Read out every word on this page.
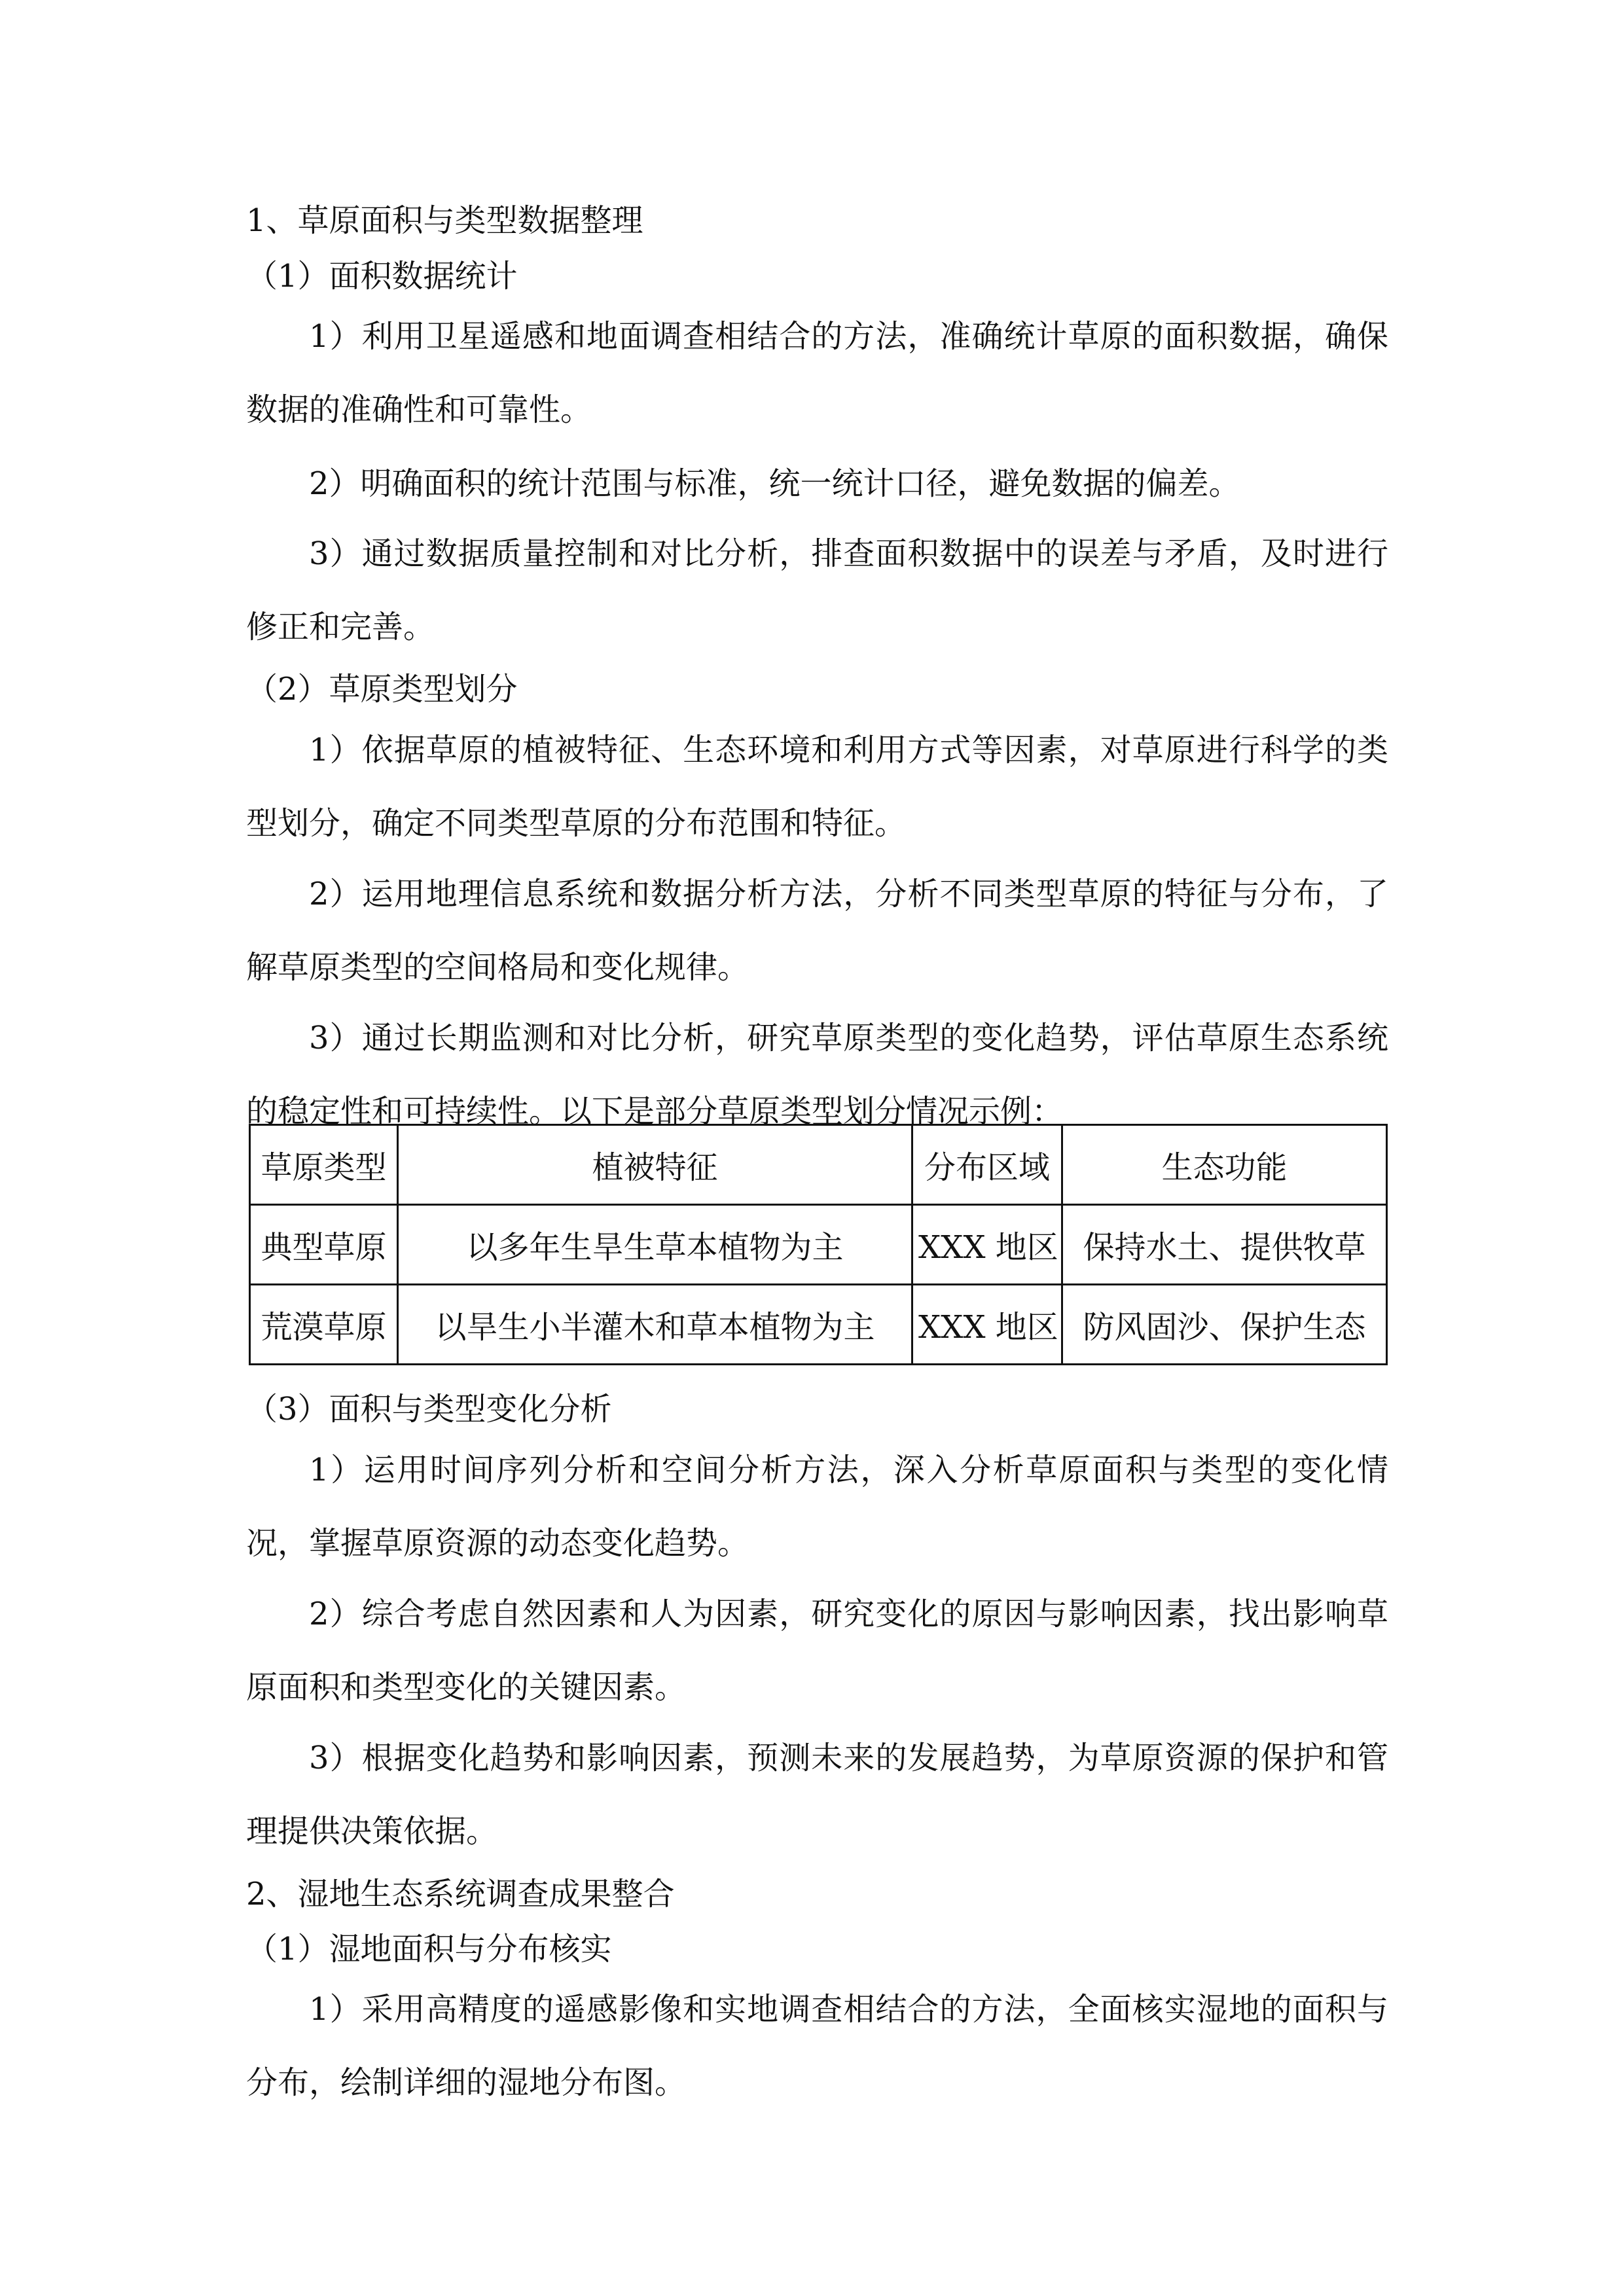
1、草原面积与类型数据整理

（1）面积数据统计

1）利用卫星遥感和地面调查相结合的方法，准确统计草原的面积数据，确保数据的准确性和可靠性。

2）明确面积的统计范围与标准，统一统计口径，避免数据的偏差。

3）通过数据质量控制和对比分析，排查面积数据中的误差与矛盾，及时进行修正和完善。

（2）草原类型划分

1）依据草原的植被特征、生态环境和利用方式等因素，对草原进行科学的类型划分，确定不同类型草原的分布范围和特征。

2）运用地理信息系统和数据分析方法，分析不同类型草原的特征与分布，了解草原类型的空间格局和变化规律。

3）通过长期监测和对比分析，研究草原类型的变化趋势，评估草原生态系统的稳定性和可持续性。以下是部分草原类型划分情况示例：

草原类型	植被特征	分布区域	生态功能
典型草原	以多年生旱生草本植物为主	XXX 地区	保持水土、提供牧草
荒漠草原	以旱生小半灌木和草本植物为主	XXX 地区	防风固沙、保护生态

（3）面积与类型变化分析

1）运用时间序列分析和空间分析方法，深入分析草原面积与类型的变化情况，掌握草原资源的动态变化趋势。

2）综合考虑自然因素和人为因素，研究变化的原因与影响因素，找出影响草原面积和类型变化的关键因素。

3）根据变化趋势和影响因素，预测未来的发展趋势，为草原资源的保护和管理提供决策依据。

2、湿地生态系统调查成果整合

（1）湿地面积与分布核实

1）采用高精度的遥感影像和实地调查相结合的方法，全面核实湿地的面积与分布，绘制详细的湿地分布图。
